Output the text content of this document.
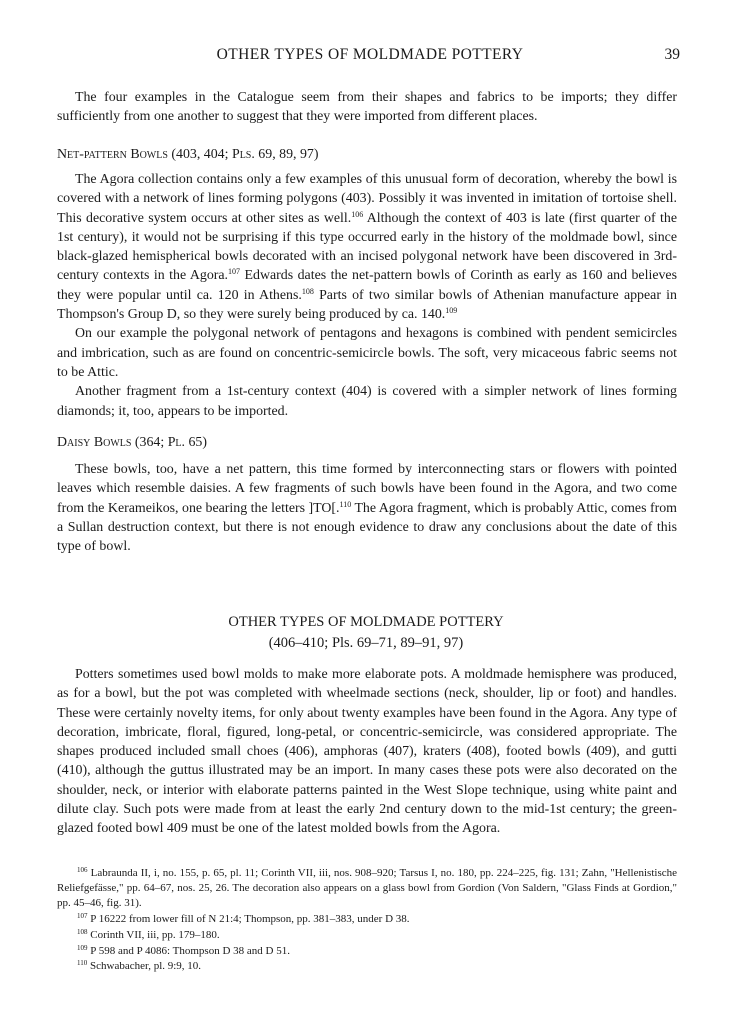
OTHER TYPES OF MOLDMADE POTTERY	39

The four examples in the Catalogue seem from their shapes and fabrics to be imports; they differ sufficiently from one another to suggest that they were imported from different places.

Net-pattern Bowls (403, 404; Pls. 69, 89, 97)

The Agora collection contains only a few examples of this unusual form of decoration, whereby the bowl is covered with a network of lines forming polygons (403). Possibly it was invented in imitation of tortoise shell. This decorative system occurs at other sites as well.$^{106}$ Although the context of 403 is late (first quarter of the 1st century), it would not be surprising if this type occurred early in the history of the moldmade bowl, since black-glazed hemispherical bowls decorated with an incised polygonal network have been discovered in 3rd-century contexts in the Agora.$^{107}$ Edwards dates the net-pattern bowls of Corinth as early as 160 and believes they were popular until ca. 120 in Athens.$^{108}$ Parts of two similar bowls of Athenian manufacture appear in Thompson's Group D, so they were surely being produced by ca. 140.$^{109}$

On our example the polygonal network of pentagons and hexagons is combined with pendent semicircles and imbrication, such as are found on concentric-semicircle bowls. The soft, very micaceous fabric seems not to be Attic.

Another fragment from a 1st-century context (404) is covered with a simpler network of lines forming diamonds; it, too, appears to be imported.

Daisy Bowls (364; Pl. 65)

These bowls, too, have a net pattern, this time formed by interconnecting stars or flowers with pointed leaves which resemble daisies. A few fragments of such bowls have been found in the Agora, and two come from the Kerameikos, one bearing the letters ]TO[.$^{110}$ The Agora fragment, which is probably Attic, comes from a Sullan destruction context, but there is not enough evidence to draw any conclusions about the date of this type of bowl.

OTHER TYPES OF MOLDMADE POTTERY
(406–410; Pls. 69–71, 89–91, 97)

Potters sometimes used bowl molds to make more elaborate pots. A moldmade hemisphere was produced, as for a bowl, but the pot was completed with wheelmade sections (neck, shoulder, lip or foot) and handles. These were certainly novelty items, for only about twenty examples have been found in the Agora. Any type of decoration, imbricate, floral, figured, long-petal, or concentric-semicircle, was considered appropriate. The shapes produced included small choes (406), amphoras (407), kraters (408), footed bowls (409), and gutti (410), although the guttus illustrated may be an import. In many cases these pots were also decorated on the shoulder, neck, or interior with elaborate patterns painted in the West Slope technique, using white paint and dilute clay. Such pots were made from at least the early 2nd century down to the mid-1st century; the green-glazed footed bowl 409 must be one of the latest molded bowls from the Agora.

$^{106}$ Labraunda II, i, no. 155, p. 65, pl. 11; Corinth VII, iii, nos. 908–920; Tarsus I, no. 180, pp. 224–225, fig. 131; Zahn, "Hellenistische Reliefgefässe," pp. 64–67, nos. 25, 26. The decoration also appears on a glass bowl from Gordion (Von Saldern, "Glass Finds at Gordion," pp. 45–46, fig. 31).

$^{107}$ P 16222 from lower fill of N 21:4; Thompson, pp. 381–383, under D 38.

$^{108}$ Corinth VII, iii, pp. 179–180.

$^{109}$ P 598 and P 4086: Thompson D 38 and D 51.

$^{110}$ Schwabacher, pl. 9:9, 10.
